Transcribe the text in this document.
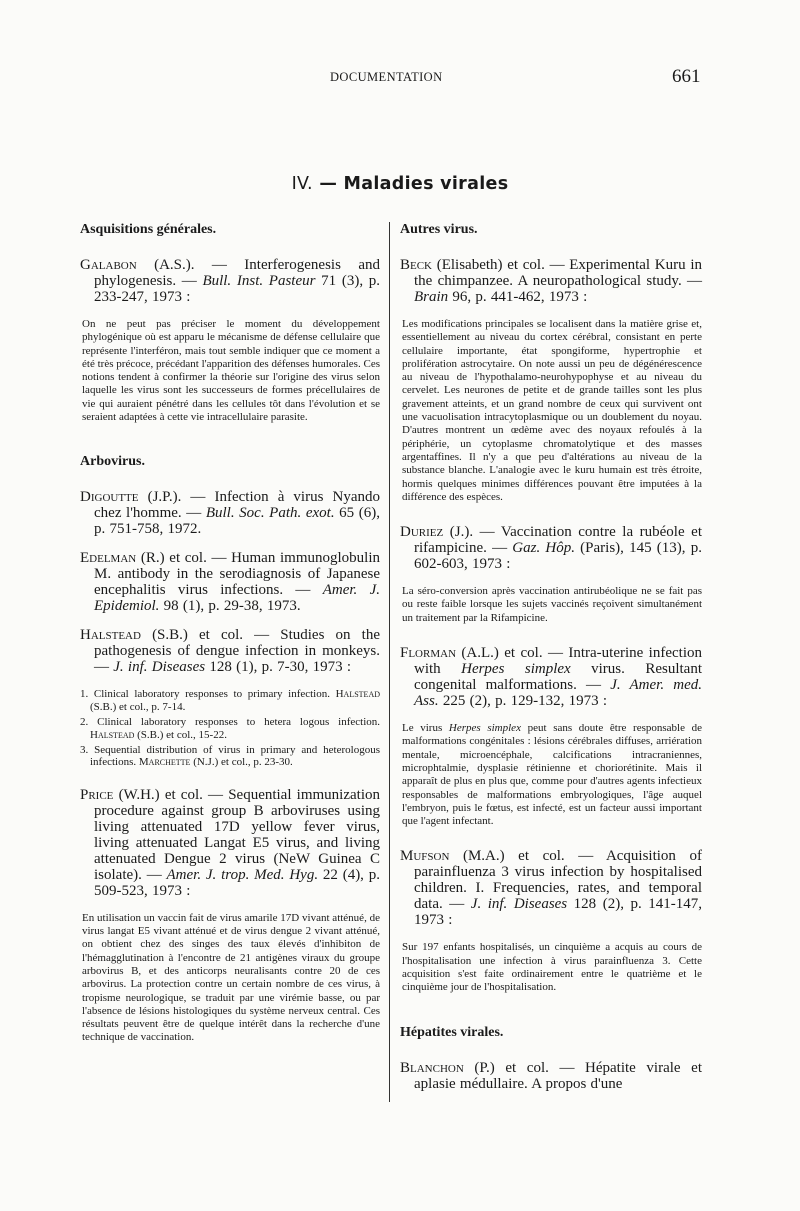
DOCUMENTATION	661
IV. — Maladies virales
Asquisitions générales.

Galabon (A.S.). — Interferogenesis and phylogenesis. — Bull. Inst. Pasteur 71 (3), p. 233-247, 1973 :

On ne peut pas préciser le moment du développement phylogénique où est apparu le mécanisme de défense cellulaire que représente l'interféron, mais tout semble indiquer que ce moment a été très précoce, précédant l'apparition des défenses humorales. Ces notions tendent à confirmer la théorie sur l'origine des virus selon laquelle les virus sont les successeurs de formes précellulaires de vie qui auraient pénétré dans les cellules tôt dans l'évolution et se seraient adaptées à cette vie intracellulaire parasite.

Arbovirus.

Digoutte (J.P.). — Infection à virus Nyando chez l'homme. — Bull. Soc. Path. exot. 65 (6), p. 751-758, 1972.

Edelman (R.) et col. — Human immunoglobulin M. antibody in the serodiagnosis of Japanese encephalitis virus infections. — Amer. J. Epidemiol. 98 (1), p. 29-38, 1973.

Halstead (S.B.) et col. — Studies on the pathogenesis of dengue infection in monkeys. — J. inf. Diseases 128 (1), p. 7-30, 1973 :

1. Clinical laboratory responses to primary infection. Halstead (S.B.) et col., p. 7-14.
2. Clinical laboratory responses to hetera logous infection. Halstead (S.B.) et col., 15-22.
3. Sequential distribution of virus in primary and heterologous infections. Marchette (N.J.) et col., p. 23-30.

Price (W.H.) et col. — Sequential immunization procedure against group B arboviruses using living attenuated 17D yellow fever virus, living attenuated Langat E5 virus, and living attenuated Dengue 2 virus (NeW Guinea C isolate). — Amer. J. trop. Med. Hyg. 22 (4), p. 509-523, 1973 :

En utilisation un vaccin fait de virus amarile 17D vivant atténué, de virus langat E5 vivant atténué et de virus dengue 2 vivant atténué, on obtient chez des singes des taux élevés d'inhibiton de l'hémagglutination à l'encontre de 21 antigènes viraux du groupe arbovirus B, et des anticorps neuralisants contre 20 de ces arbovirus. La protection contre un certain nombre de ces virus, à tropisme neurologique, se traduit par une virémie basse, ou par l'absence de lésions histologiques du système nerveux central. Ces résultats peuvent être de quelque intérêt dans la recherche d'une technique de vaccination.

Autres virus.

Beck (Elisabeth) et col. — Experimental Kuru in the chimpanzee. A neuropathological study. — Brain 96, p. 441-462, 1973 :

Les modifications principales se localisent dans la matière grise et, essentiellement au niveau du cortex cérébral, consistant en perte cellulaire importante, état spongiforme, hypertrophie et prolifération astrocytaire. On note aussi un peu de dégénérescence au niveau de l'hypothalamo-neurohypophyse et au niveau du cervelet. Les neurones de petite et de grande tailles sont les plus gravement atteints, et un grand nombre de ceux qui survivent ont une vacuolisation intracytoplasmique ou un doublement du noyau. D'autres montrent un œdème avec des noyaux refoulés à la périphérie, un cytoplasme chromatolytique et des masses argentaffines. Il n'y a que peu d'altérations au niveau de la substance blanche. L'analogie avec le kuru humain est très étroite, hormis quelques minimes différences pouvant être imputées à la différence des espèces.

Duriez (J.). — Vaccination contre la rubéole et rifampicine. — Gaz. Hôp. (Paris), 145 (13), p. 602-603, 1973 :

La séro-conversion après vaccination antirubéolique ne se fait pas ou reste faible lorsque les sujets vaccinés reçoivent simultanément un traitement par la Rifampicine.

Florman (A.L.) et col. — Intra-uterine infection with Herpes simplex virus. Resultant congenital malformations. — J. Amer. med. Ass. 225 (2), p. 129-132, 1973 :

Le virus Herpes simplex peut sans doute être responsable de malformations congénitales : lésions cérébrales diffuses, arriération mentale, microencéphale, calcifications intracraniennes, microphtalmie, dysplasie rétinienne et choriorétinite. Mais il apparaît de plus en plus que, comme pour d'autres agents infectieux responsables de malformations embryologiques, l'âge auquel l'embryon, puis le fœtus, est infecté, est un facteur aussi important que l'agent infectant.

Mufson (M.A.) et col. — Acquisition of parainfluenza 3 virus infection by hospitalised children. I. Frequencies, rates, and temporal data. — J. inf. Diseases 128 (2), p. 141-147, 1973 :

Sur 197 enfants hospitalisés, un cinquième a acquis au cours de l'hospitalisation une infection à virus parainfluenza 3. Cette acquisition s'est faite ordinairement entre le quatrième et le cinquième jour de l'hospitalisation.

Hépatites virales.

Blanchon (P.) et col. — Hépatite virale et aplasie médullaire. A propos d'une
